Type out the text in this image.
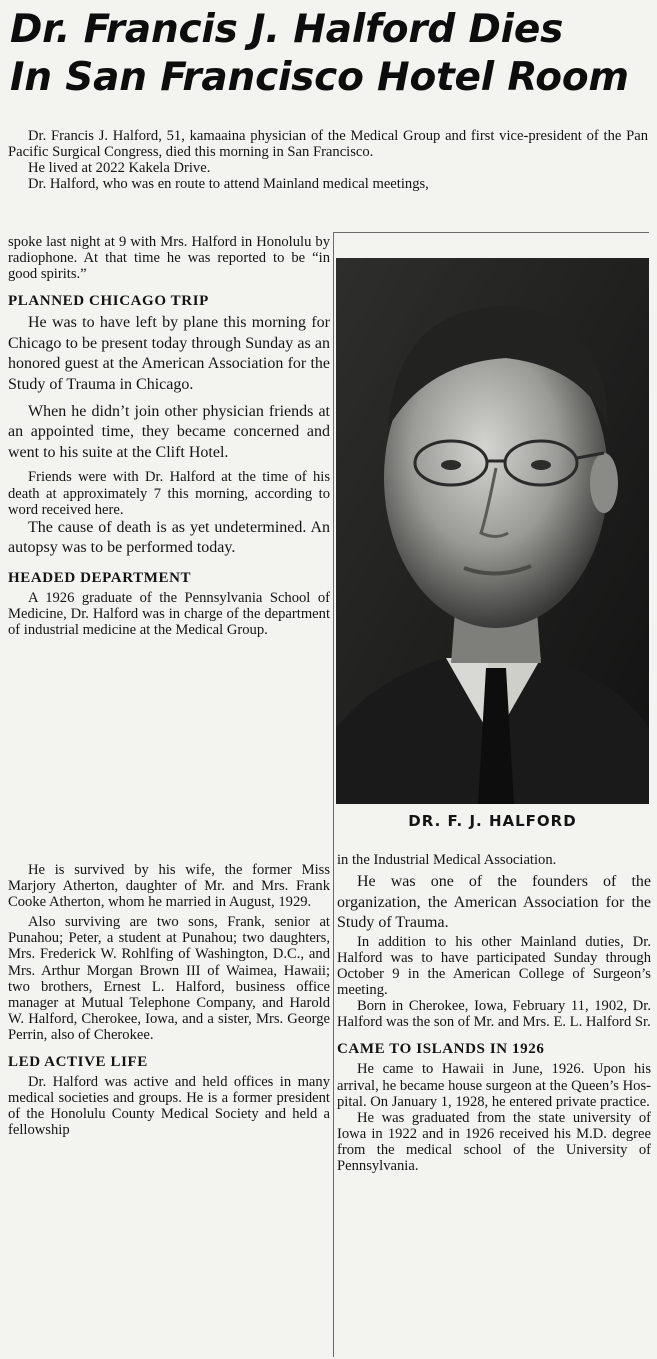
Dr. Francis J. Halford Dies
In San Francisco Hotel Room

Dr. Francis J. Halford, 51, kamaaina physician of the Medical Group and first vice-president of the Pan Pacific Surgical Congress, died this morning in San Francisco.

He lived at 2022 Kakela Drive.

Dr. Halford, who was en route to attend Mainland medical meetings,

spoke last night at 9 with Mrs. Halford in Honolulu by radiophone. At that time he was reported to be “in good spirits.”

PLANNED CHICAGO TRIP

He was to have left by plane this morning for Chicago to be present today through Sunday as an honored guest at the American Association for the Study of Trauma in Chicago.

When he didn’t join other physician friends at an appointed time, they became concerned and went to his suite at the Clift Hotel.

Friends were with Dr. Halford at the time of his death at approximately 7 this morning, according to word received here.

The cause of death is as yet undetermined. An autopsy was to be performed today.

HEADED DEPARTMENT

A 1926 graduate of the Pennsylvania School of Medicine, Dr. Halford was in charge of the department of industrial medicine at the Medical Group.

He is survived by his wife, the former Miss Marjory Atherton, daughter of Mr. and Mrs. Frank Cooke Atherton, whom he married in August, 1929.

Also surviving are two sons, Frank, senior at Punahou; Peter, a student at Punahou; two daughters, Mrs. Frederick W. Rohlfing of Washington, D.C., and Mrs. Arthur Morgan Brown III of Waimea, Hawaii; two brothers, Ernest L. Halford, business office manager at Mutual Telephone Company, and Harold W. Halford, Cherokee, Iowa, and a sister, Mrs. George Perrin, also of Cherokee.

LED ACTIVE LIFE

Dr. Halford was active and held offices in many medical societies and groups. He is a former president of the Honolulu County Medical Society and held a fellowship

DR. F. J. HALFORD

in the Industrial Medical Association.

He was one of the founders of the organization, the American Association for the Study of Trauma.

In addition to his other Mainland duties, Dr. Halford was to have participated Sunday through October 9 in the American College of Surgeon’s meeting.

Born in Cherokee, Iowa, February 11, 1902, Dr. Halford was the son of Mr. and Mrs. E. L. Halford Sr.

CAME TO ISLANDS IN 1926

He came to Hawaii in June, 1926. Upon his arrival, he became house surgeon at the Queen’s Hospital. On January 1, 1928, he entered private practice.

He was graduated from the state university of Iowa in 1922 and in 1926 received his M.D. degree from the medical school of the University of Pennsylvania.
